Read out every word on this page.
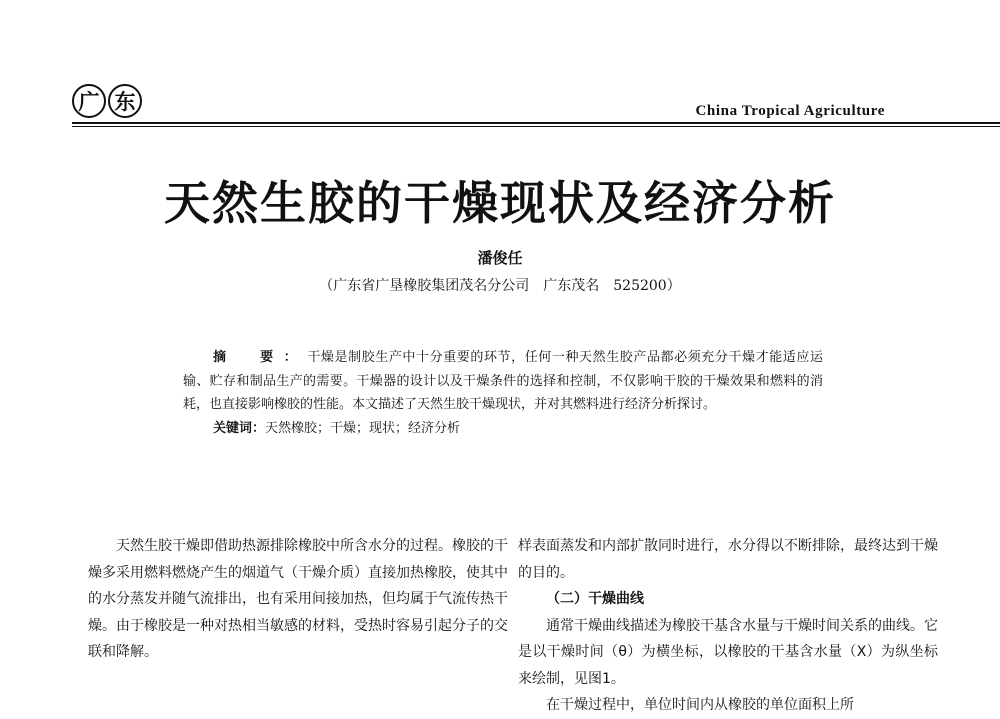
广 东	China Tropical Agriculture
天然生胶的干燥现状及经济分析
潘俊任
（广东省广垦橡胶集团茂名分公司　广东茂名　525200）
摘　要：干燥是制胶生产中十分重要的环节，任何一种天然生胶产品都必须充分干燥才能适应运输、贮存和制品生产的需要。干燥器的设计以及干燥条件的选择和控制，不仅影响干胶的干燥效果和燃料的消耗，也直接影响橡胶的性能。本文描述了天然生胶干燥现状，并对其燃料进行经济分析探讨。
关键词：天然橡胶；干燥；现状；经济分析

天然生胶干燥即借助热源排除橡胶中所含水分的过程。橡胶的干燥多采用燃料燃烧产生的烟道气（干燥介质）直接加热橡胶，使其中的水分蒸发并随气流排出，也有采用间接加热，但均属于气流传热干燥。由于橡胶是一种对热相当敏感的材料，受热时容易引起分子的交联和降解。

样表面蒸发和内部扩散同时进行，水分得以不断排除，最终达到干燥的目的。

（二）干燥曲线

通常干燥曲线描述为橡胶干基含水量与干燥时间关系的曲线。它是以干燥时间（θ）为横坐标，以橡胶的干基含水量（X）为纵坐标来绘制，见图1。

在干燥过程中，单位时间内从橡胶的单位面积上所
